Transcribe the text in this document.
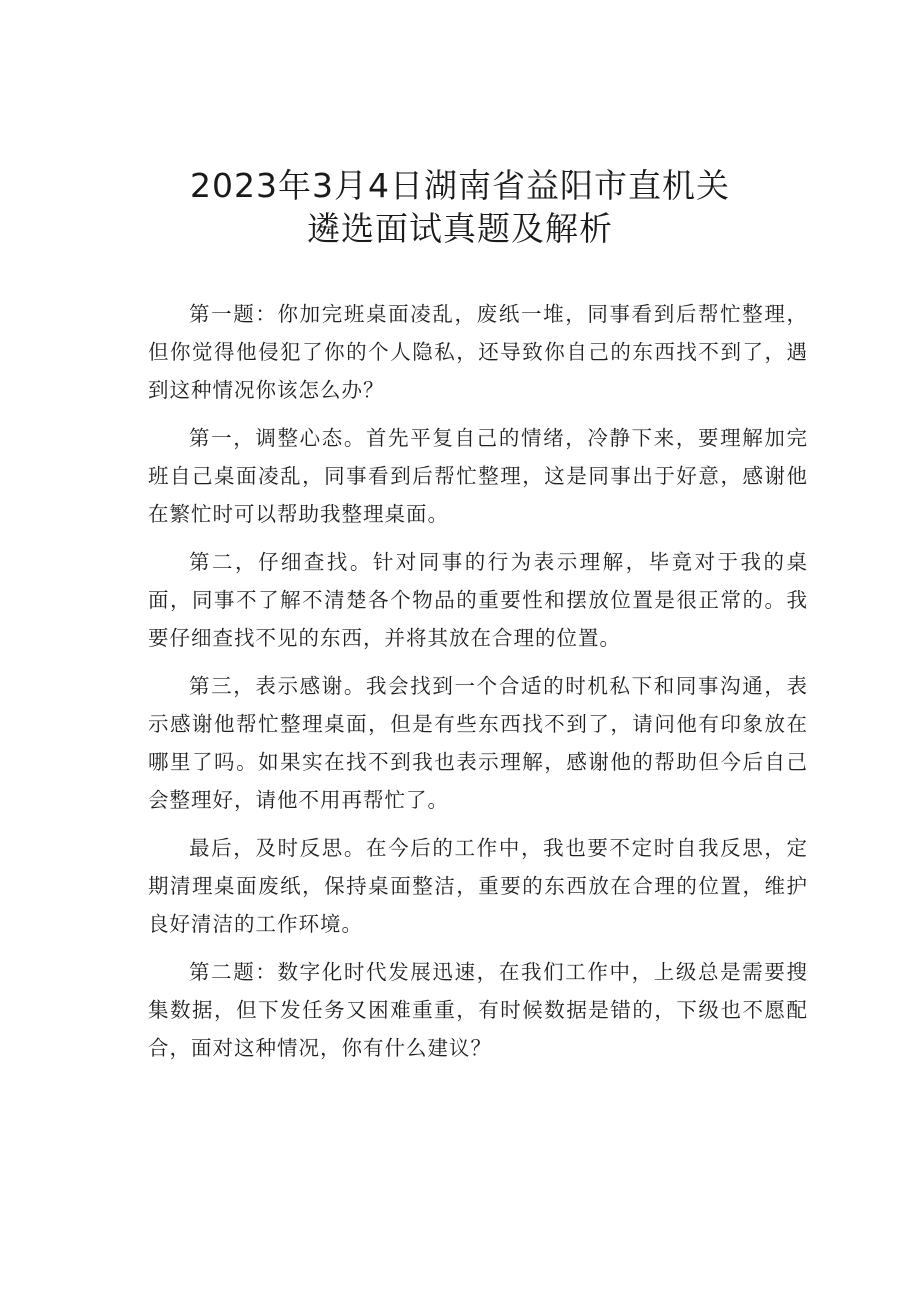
2023年3月4日湖南省益阳市直机关
遴选面试真题及解析

第一题：你加完班桌面凌乱，废纸一堆，同事看到后帮忙整理，但你觉得他侵犯了你的个人隐私，还导致你自己的东西找不到了，遇到这种情况你该怎么办？

第一，调整心态。首先平复自己的情绪，冷静下来，要理解加完班自己桌面凌乱，同事看到后帮忙整理，这是同事出于好意，感谢他在繁忙时可以帮助我整理桌面。

第二，仔细查找。针对同事的行为表示理解，毕竟对于我的桌面，同事不了解不清楚各个物品的重要性和摆放位置是很正常的。我要仔细查找不见的东西，并将其放在合理的位置。

第三，表示感谢。我会找到一个合适的时机私下和同事沟通，表示感谢他帮忙整理桌面，但是有些东西找不到了，请问他有印象放在哪里了吗。如果实在找不到我也表示理解，感谢他的帮助但今后自己会整理好，请他不用再帮忙了。

最后，及时反思。在今后的工作中，我也要不定时自我反思，定期清理桌面废纸，保持桌面整洁，重要的东西放在合理的位置，维护良好清洁的工作环境。

第二题：数字化时代发展迅速，在我们工作中，上级总是需要搜集数据，但下发任务又困难重重，有时候数据是错的，下级也不愿配合，面对这种情况，你有什么建议？
